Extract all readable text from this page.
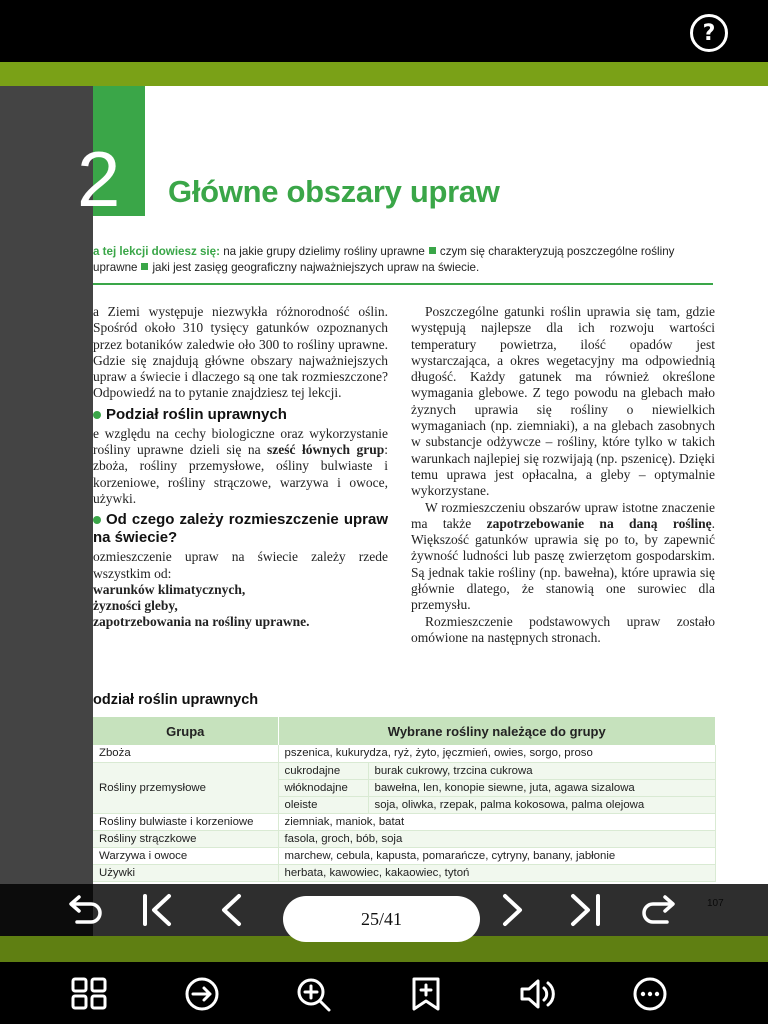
?
2	Główne obszary upraw
a tej lekcji dowiesz się: na jakie grupy dzielimy rośliny uprawne czym się charakteryzują poszczególne rośliny uprawne jaki jest zasięg geograficzny najważniejszych upraw na świecie.

a Ziemi występuje niezwykła różnorodność oślin. Spośród około 310 tysięcy gatunków ozpoznanych przez botaników zaledwie oło 300 to rośliny uprawne. Gdzie się znajdują główne obszary najważniejszych upraw a świecie i dlaczego są one tak rozmieszczone? Odpowiedź na to pytanie znajdziesz tej lekcji.

Podział roślin uprawnych

e względu na cechy biologiczne oraz wykorzystanie rośliny uprawne dzieli się na sześć łównych grup: zboża, rośliny przemysłowe, ośliny bulwiaste i korzeniowe, rośliny strączowe, warzywa i owoce, używki.

Od czego zależy rozmieszczenie upraw na świecie?

ozmieszczenie upraw na świecie zależy rzede wszystkim od:

warunków klimatycznych,
żyzności gleby,
zapotrzebowania na rośliny uprawne.

Poszczególne gatunki roślin uprawia się tam, gdzie występują najlepsze dla ich rozwoju wartości temperatury powietrza, ilość opadów jest wystarczająca, a okres wegetacyjny ma odpowiednią długość. Każdy gatunek ma również określone wymagania glebowe. Z tego powodu na glebach mało żyznych uprawia się rośliny o niewielkich wymaganiach (np. ziemniaki), a na glebach zasobnych w substancje odżywcze – rośliny, które tylko w takich warunkach najlepiej się rozwijają (np. pszenicę). Dzięki temu uprawa jest opłacalna, a gleby – optymalnie wykorzystane.

W rozmieszczeniu obszarów upraw istotne znaczenie ma także zapotrzebowanie na daną roślinę. Większość gatunków uprawia się po to, by zapewnić żywność ludności lub paszę zwierzętom gospodarskim. Są jednak takie rośliny (np. bawełna), które uprawia się głównie dlatego, że stanowią one surowiec dla przemysłu.

Rozmieszczenie podstawowych upraw zostało omówione na następnych stronach.

odział roślin uprawnych
Grupa	Wybrane rośliny należące do grupy	
Zboża	pszenica, kukurydza, ryż, żyto, jęczmień, owies, sorgo, proso	
Rośliny przemysłowe	cukrodajne	burak cukrowy, trzcina cukrowa
	włóknodajne	bawełna, len, konopie siewne, juta, agawa sizalowa
	oleiste	soja, oliwka, rzepak, palma kokosowa, palma olejowa
Rośliny bulwiaste i korzeniowe	ziemniak, maniok, batat	
Rośliny strączkowe	fasola, groch, bób, soja	
Warzywa i owoce	marchew, cebula, kapusta, pomarańcze, cytryny, banany, jabłonie	
Używki	herbata, kawowiec, kakaowiec, tytoń	
25/41
